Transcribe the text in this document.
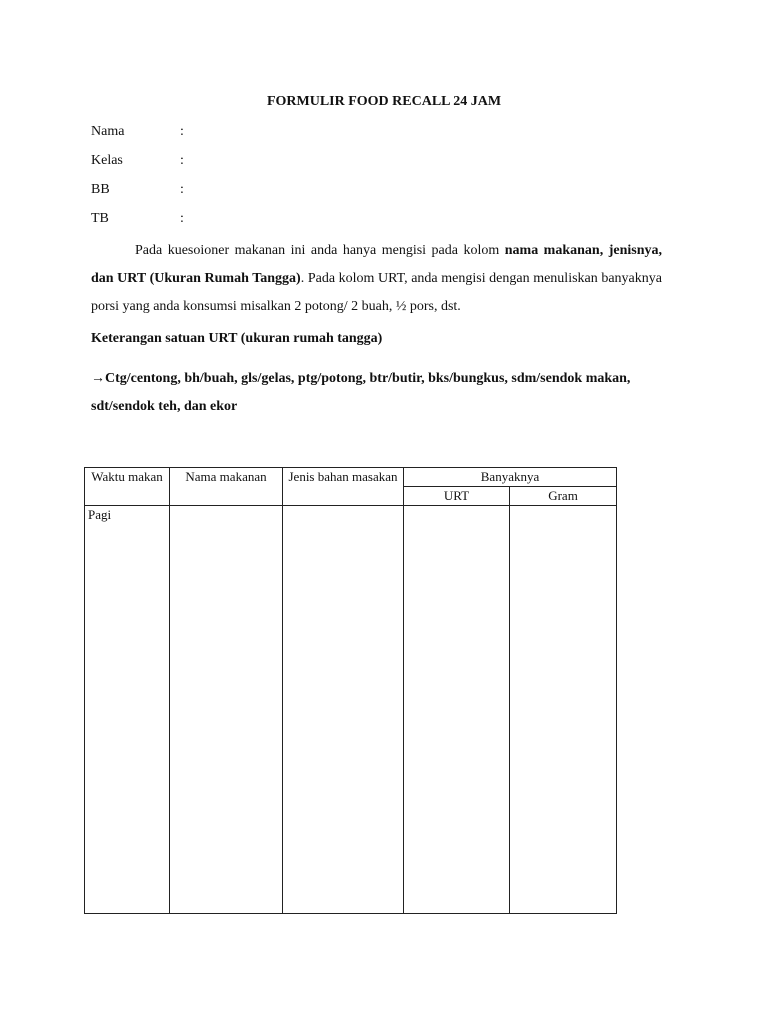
FORMULIR FOOD RECALL 24 JAM
Nama	:
Kelas	:
BB	:
TB	:
Pada kuesoioner makanan ini anda hanya mengisi pada kolom nama makanan, jenisnya, dan URT (Ukuran Rumah Tangga). Pada kolom URT, anda mengisi dengan menuliskan banyaknya porsi yang anda konsumsi misalkan 2 potong/ 2 buah, ½ pors, dst.
Keterangan satuan URT (ukuran rumah tangga)
→Ctg/centong, bh/buah, gls/gelas, ptg/potong, btr/butir, bks/bungkus, sdm/sendok makan, sdt/sendok teh, dan ekor
Waktu makan	Nama makanan	Jenis bahan masakan	Banyaknya	
			URT	Gram
Pagi				
